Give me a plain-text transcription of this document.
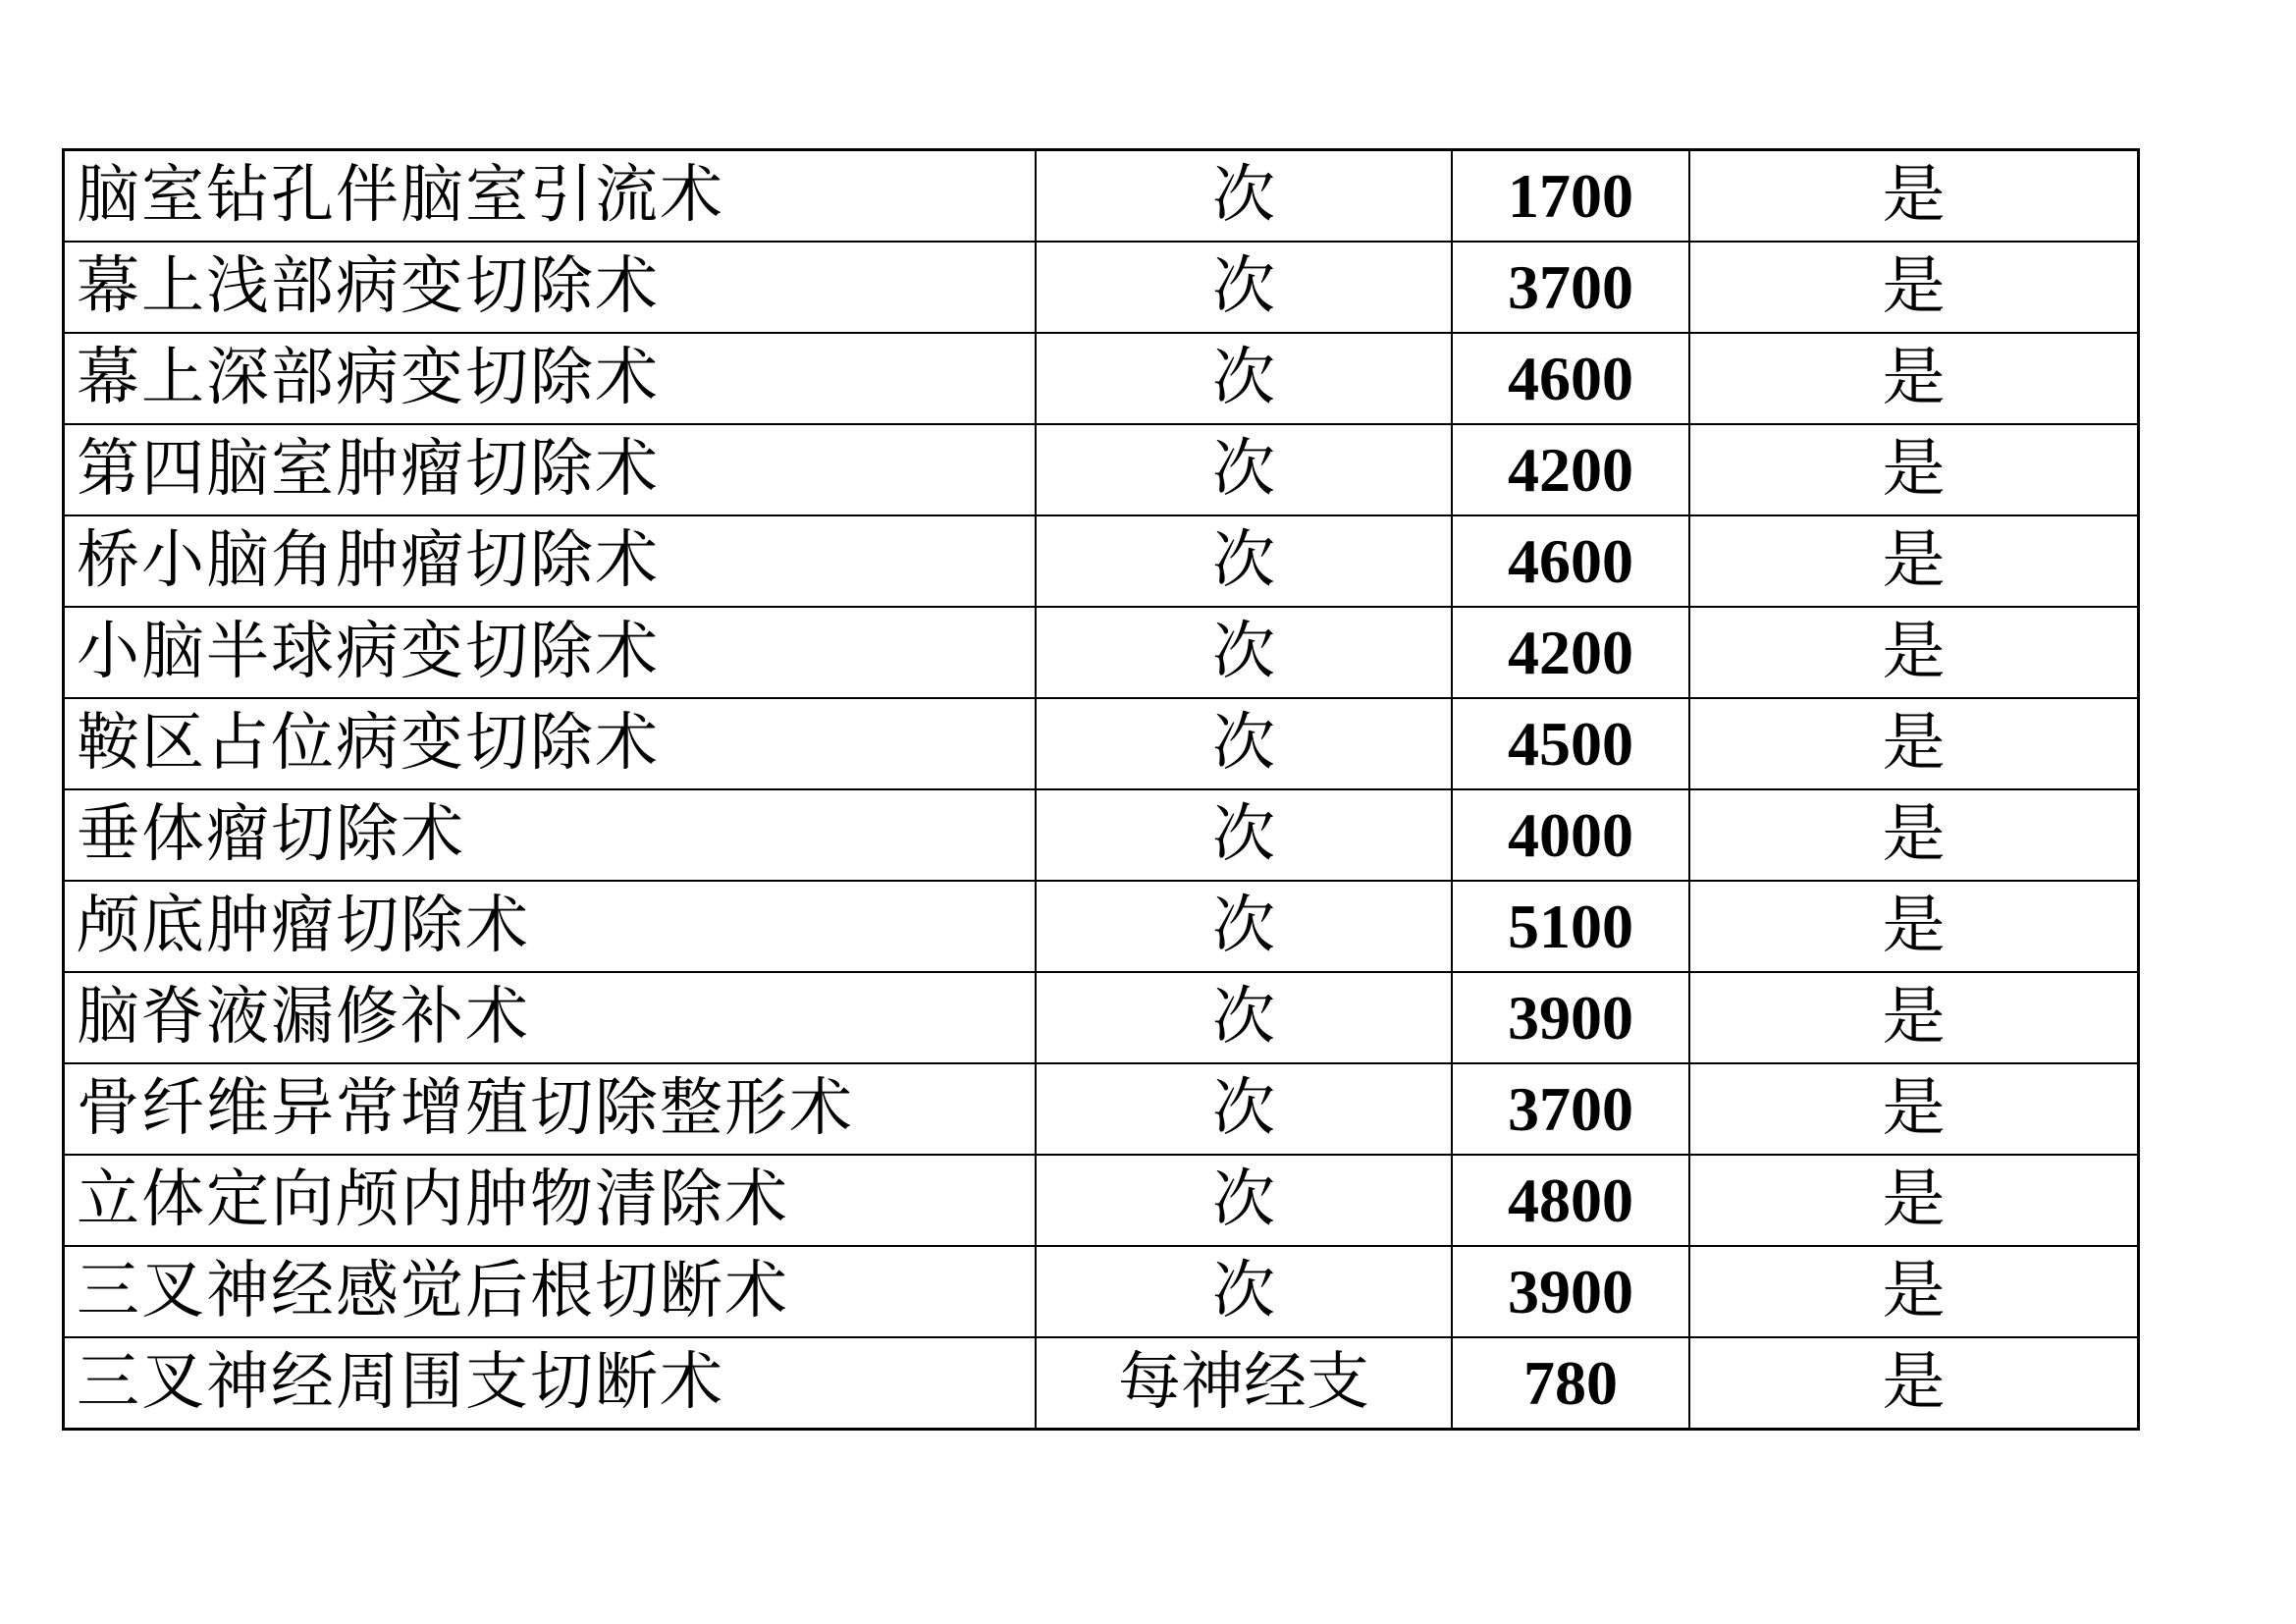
脑室钻孔伴脑室引流术	次	1700	是
幕上浅部病变切除术	次	3700	是
幕上深部病变切除术	次	4600	是
第四脑室肿瘤切除术	次	4200	是
桥小脑角肿瘤切除术	次	4600	是
小脑半球病变切除术	次	4200	是
鞍区占位病变切除术	次	4500	是
垂体瘤切除术	次	4000	是
颅底肿瘤切除术	次	5100	是
脑脊液漏修补术	次	3900	是
骨纤维异常增殖切除整形术	次	3700	是
立体定向颅内肿物清除术	次	4800	是
三叉神经感觉后根切断术	次	3900	是
三叉神经周围支切断术	每神经支	780	是
